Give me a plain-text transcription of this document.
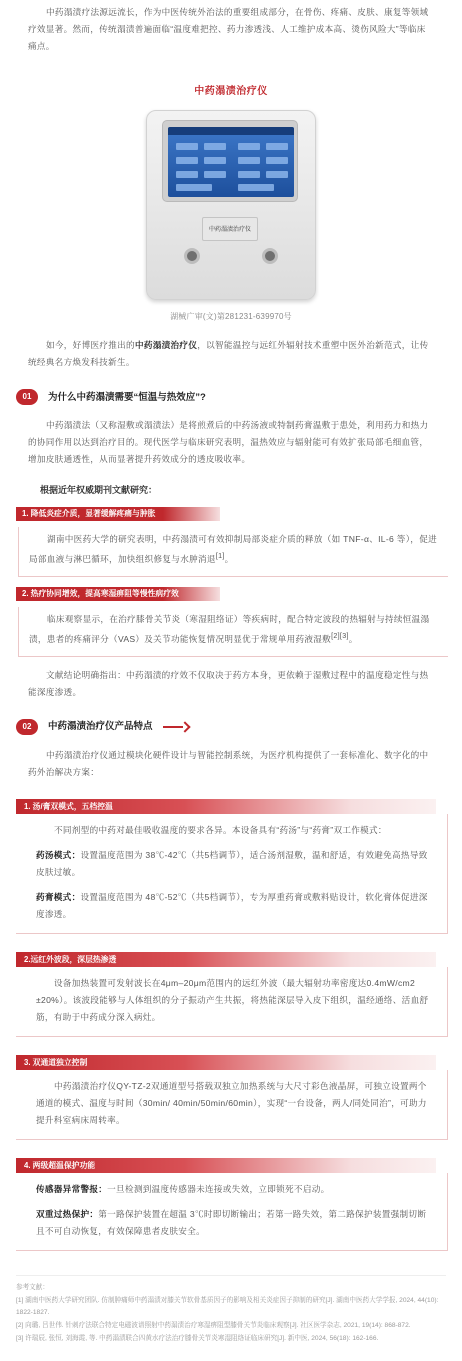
中药溻渍疗法源远流长，作为中医传统外治法的重要组成部分，在骨伤、疼痛、皮肤、康复等领域疗效显著。然而，传统溻渍普遍面临“温度难把控、药力渗透浅、人工维护成本高、烫伤风险大”等临床痛点。

中药溻渍治疗仪
中药溻渍治疗仪
湖械广审(文)第281231-639970号

如今，好博医疗推出的中药溻渍治疗仪，以智能温控与远红外辐射技术重塑中医外治新范式，让传统经典名方焕发科技新生。

01	为什么中药溻渍需要“恒温与热效应”?

中药溻渍法（又称湿敷或溻渍法）是将煎煮后的中药汤液或特制药膏温敷于患处，利用药力和热力的协同作用以达到治疗目的。现代医学与临床研究表明，温热效应与辐射能可有效扩张局部毛细血管，增加皮肤通透性，从而显著提升药效成分的透皮吸收率。

根据近年权威期刊文献研究：
1. 降低炎症介质，显著缓解疼痛与肿胀

湖南中医药大学的研究表明，中药溻渍可有效抑制局部炎症介质的释放（如 TNF-α、IL-6 等），促进局部血液与淋巴循环，加快组织修复与水肿消退[1]。

2. 热疗协同增效，提高寒湿痹阻等慢性病疗效

临床观察显示，在治疗膝骨关节炎（寒湿阻络证）等疾病时，配合特定波段的热辐射与持续恒温溻渍，患者的疼痛评分（VAS）及关节功能恢复情况明显优于常规单用药液湿敷[2][3]。

文献结论明确指出：中药溻渍的疗效不仅取决于药方本身，更依赖于湿敷过程中的温度稳定性与热能深度渗透。

02	中药溻渍治疗仪产品特点

中药溻渍治疗仪通过模块化硬件设计与智能控制系统，为医疗机构提供了一套标准化、数字化的中药外治解决方案：

1. 汤/膏双模式，五档控温

不同剂型的中药对最佳吸收温度的要求各异。本设备具有“药汤”与“药膏”双工作模式：

药汤模式：设置温度范围为 38℃-42℃（共5档调节），适合汤剂湿敷，温和舒适，有效避免高热导致皮肤过敏。

药膏模式：设置温度范围为 48℃-52℃（共5档调节），专为厚重药膏或敷料贴设计，软化膏体促进深度渗透。

2.远红外波段，深层热渗透

设备加热装置可发射波长在4μm–20μm范围内的远红外波（最大辐射功率密度达0.4mW/cm2 ±20%）。该波段能够与人体组织的分子振动产生共振，将热能深层导入皮下组织，温经通络、活血舒筋，有助于中药成分深入病灶。

3. 双通道独立控制

中药溻渍治疗仪QY-TZ-2双通道型号搭载双独立加热系统与大尺寸彩色液晶屏，可独立设置两个通道的模式、温度与时间（30min/ 40min/50min/60min），实现“一台设备，两人/同处同治”，可助力提升科室病床周转率。

4. 两级超温保护功能

传感器异常警报：一旦检测到温度传感器未连接或失效，立即锁死不启动。

双重过热保护：第一路保护装置在超温 3℃时即切断输出；若第一路失效，第二路保护装置强制切断且不可自动恢复，有效保障患者皮肤安全。

参考文献：

[1] 湖南中医药大学研究团队. 仿制肿痛师中药溻渍对膝关节软骨基质因子的影响及相关炎症因子抑制的研究[J]. 湖南中医药大学学报, 2024, 44(10): 1822-1827.

[2] 向璐, 吕世伟. 针刺疗法联合特定电磁波谱照射中药溻渍治疗寒湿痹阻型膝骨关节炎临床观察[J]. 社区医学杂志, 2021, 19(14): 868-872.

[3] 许瑞辰, 张恒, 刘海霞, 等. 中药溻渍联合四黄水疗法治疗膝骨关节炎寒湿阻络证临床研究[J]. 新中医, 2024, 56(18): 162-166.
